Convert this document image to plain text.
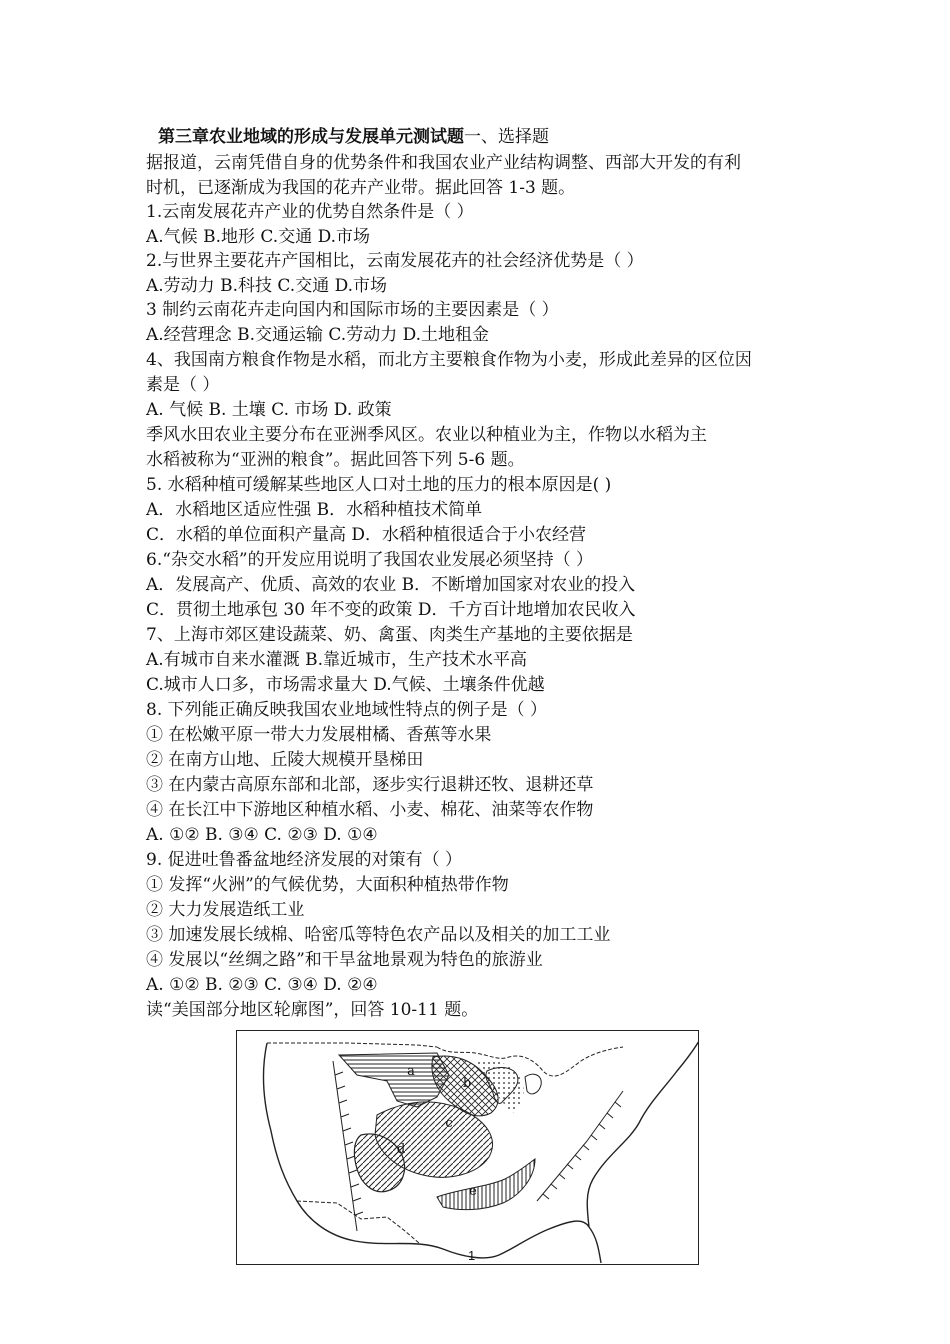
第三章农业地域的形成与发展单元测试题一、选择题
据报道，云南凭借自身的优势条件和我国农业产业结构调整、西部大开发的有利
时机，已逐渐成为我国的花卉产业带。据此回答 1-3 题。
1.云南发展花卉产业的优势自然条件是（ ）
A.气候 B.地形 C.交通 D.市场
2.与世界主要花卉产国相比，云南发展花卉的社会经济优势是（ ）
A.劳动力 B.科技 C.交通 D.市场
3 制约云南花卉走向国内和国际市场的主要因素是（ ）
A.经营理念 B.交通运输 C.劳动力 D.土地租金
4、我国南方粮食作物是水稻，而北方主要粮食作物为小麦，形成此差异的区位因
素是（ ）
A. 气候 B. 土壤 C. 市场 D. 政策
季风水田农业主要分布在亚洲季风区。农业以种植业为主，作物以水稻为主
水稻被称为“亚洲的粮食”。据此回答下列 5-6 题。
5. 水稻种植可缓解某些地区人口对土地的压力的根本原因是( )
A．水稻地区适应性强 B．水稻种植技术简单
C．水稻的单位面积产量高 D．水稻种植很适合于小农经营
6.“杂交水稻”的开发应用说明了我国农业发展必须坚持（ ）
A．发展高产、优质、高效的农业 B．不断增加国家对农业的投入
C．贯彻土地承包 30 年不变的政策 D．千方百计地增加农民收入
7、上海市郊区建设蔬菜、奶、禽蛋、肉类生产基地的主要依据是
A.有城市自来水灌溉 B.靠近城市，生产技术水平高
C.城市人口多，市场需求量大 D.气候、土壤条件优越
8. 下列能正确反映我国农业地域性特点的例子是（ ）
① 在松嫩平原一带大力发展柑橘、香蕉等水果
② 在南方山地、丘陵大规模开垦梯田
③ 在内蒙古高原东部和北部，逐步实行退耕还牧、退耕还草
④ 在长江中下游地区种植水稻、小麦、棉花、油菜等农作物
A. ①② B. ③④ C. ②③ D. ①④
9. 促进吐鲁番盆地经济发展的对策有（ ）
① 发挥“火洲”的气候优势，大面积种植热带作物
② 大力发展造纸工业
③ 加速发展长绒棉、哈密瓜等特色农产品以及相关的加工工业
④ 发展以“丝绸之路”和干旱盆地景观为特色的旅游业
A. ①② B. ②③ C. ③④ D. ②④
读“美国部分地区轮廓图”，回答 10-11 题。
a
b
c
d
e
1
